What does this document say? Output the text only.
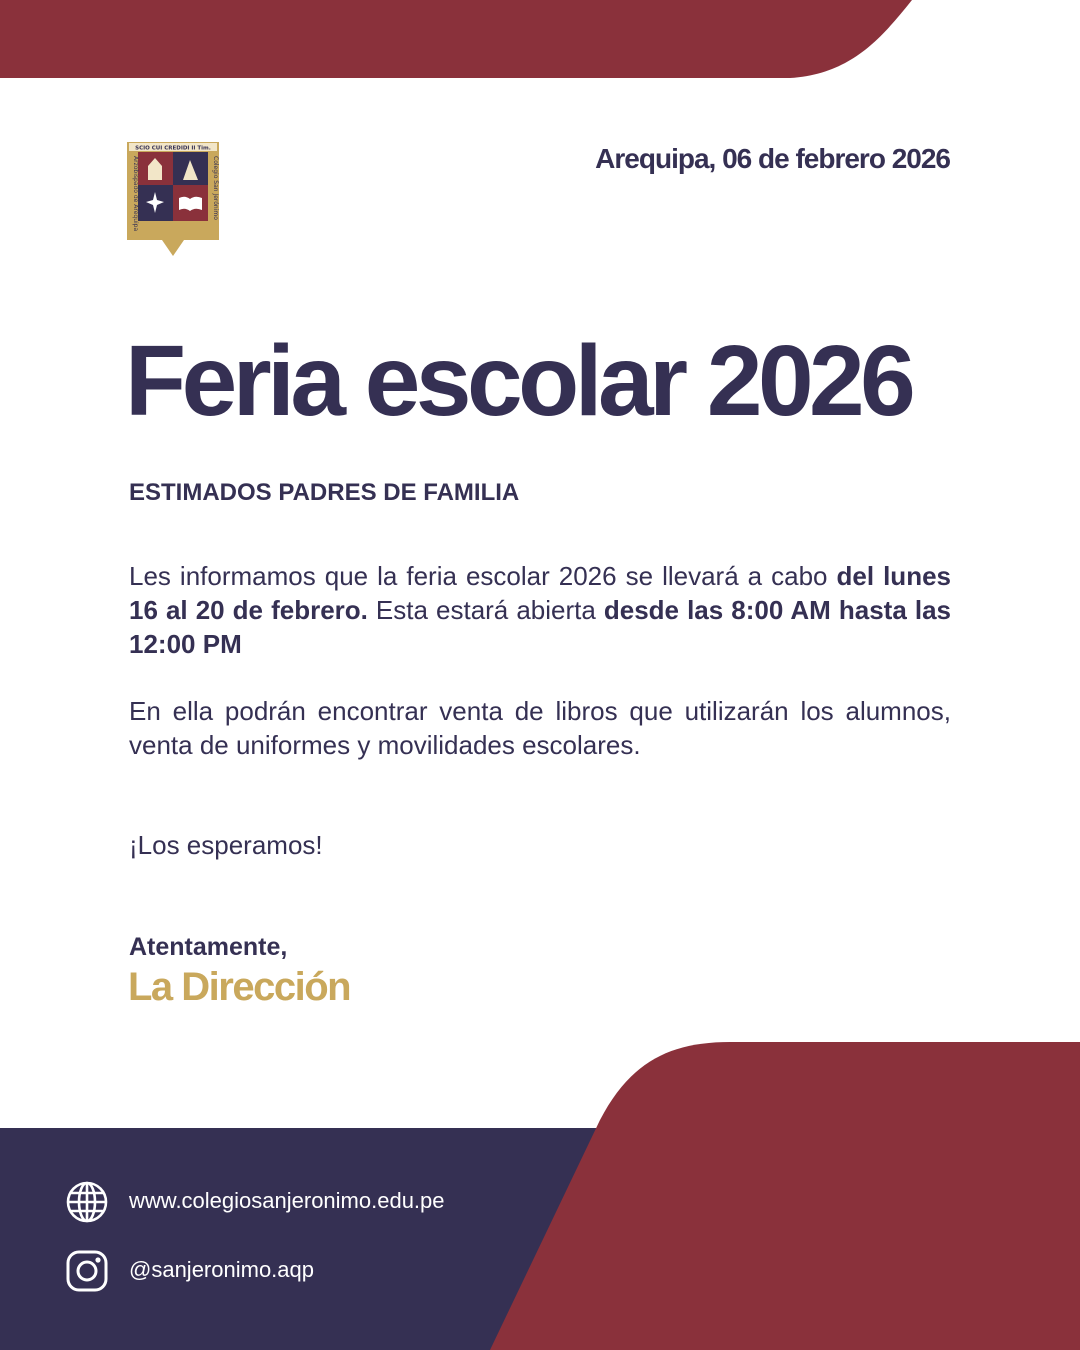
SCIO CUI CREDIDI II Tim.
Arzobispado de Arequipa	Colegio San Jerónimo	Arequipa, 06 de febrero 2026
Feria escolar 2026
ESTIMADOS PADRES DE FAMILIA
Les informamos que la feria escolar 2026 se llevará a cabo del lunes 16 al 20 de febrero. Esta estará abierta desde las 8:00 AM hasta las 12:00 PM
En ella podrán encontrar venta de libros que utilizarán los alumnos, venta de uniformes y movilidades escolares.
¡Los esperamos!
Atentamente,
La Dirección
www.colegiosanjeronimo.edu.pe
@sanjeronimo.aqp
